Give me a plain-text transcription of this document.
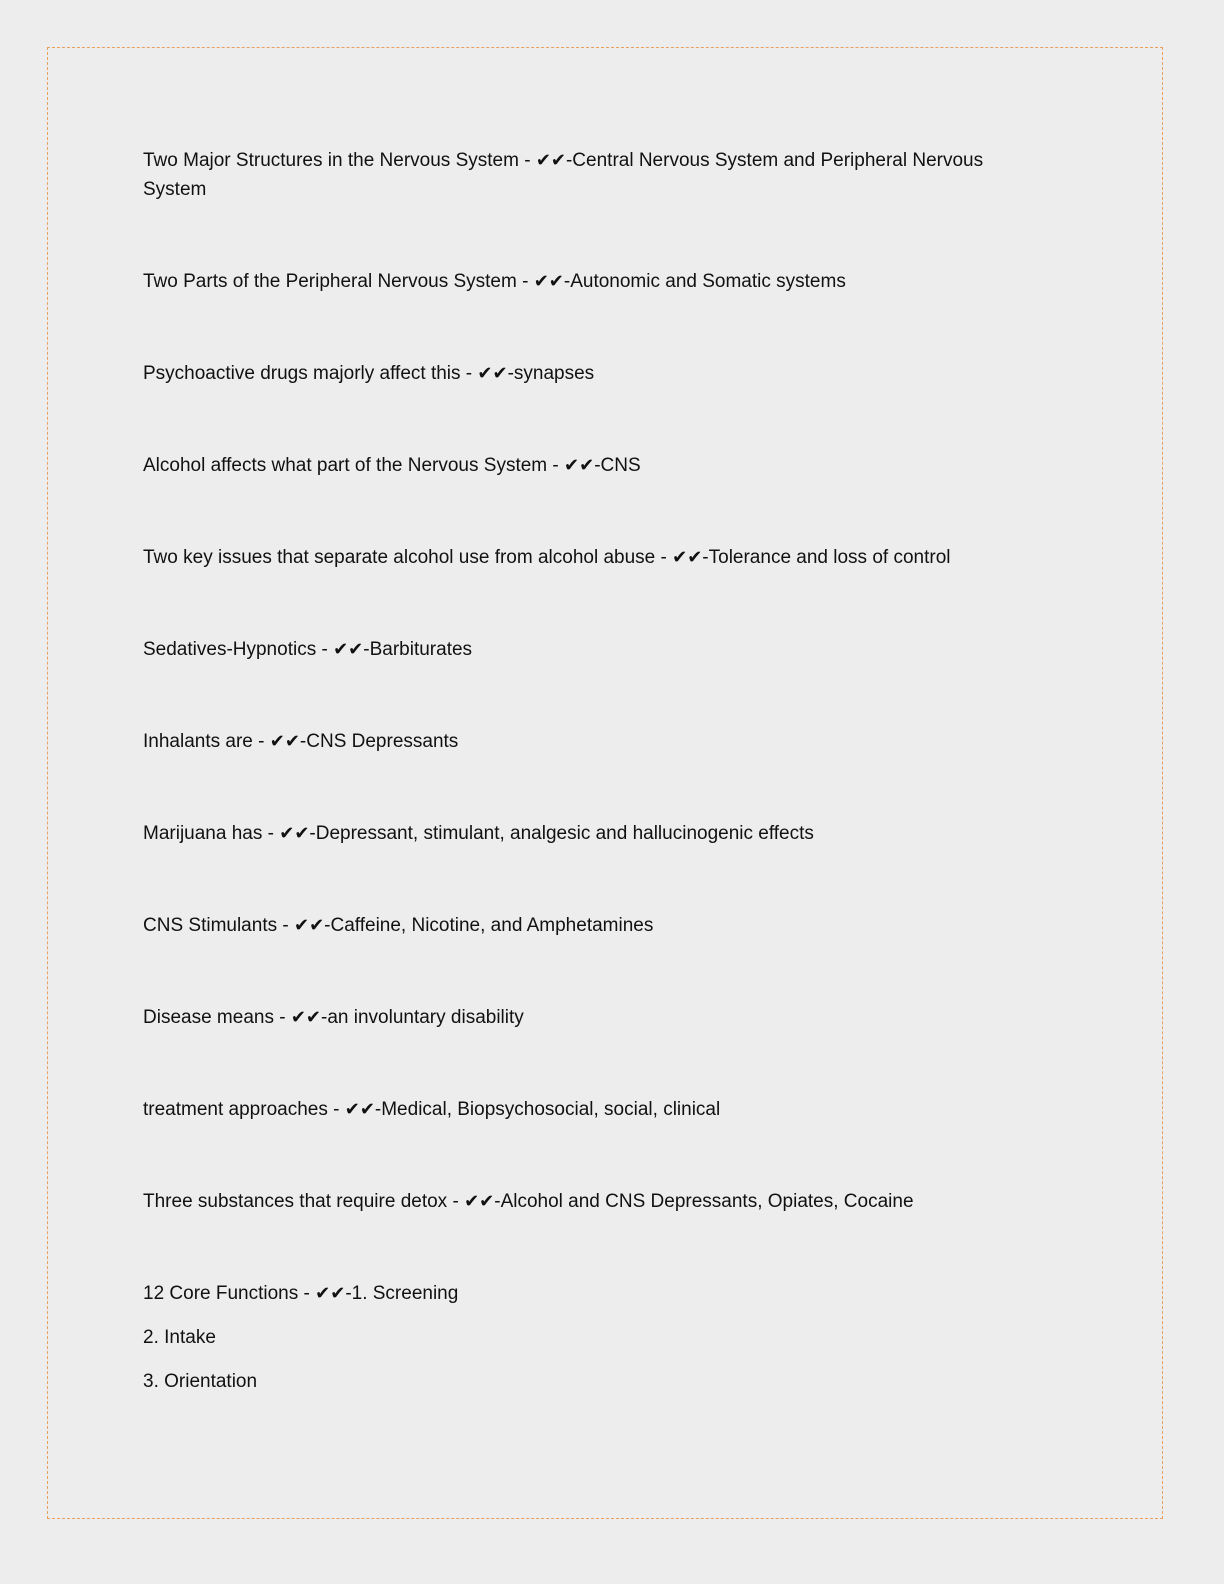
Two Major Structures in the Nervous System - ✔✔-Central Nervous System and Peripheral Nervous System

Two Parts of the Peripheral Nervous System - ✔✔-Autonomic and Somatic systems

Psychoactive drugs majorly affect this - ✔✔-synapses

Alcohol affects what part of the Nervous System - ✔✔-CNS

Two key issues that separate alcohol use from alcohol abuse - ✔✔-Tolerance and loss of control

Sedatives-Hypnotics - ✔✔-Barbiturates

Inhalants are - ✔✔-CNS Depressants

Marijuana has - ✔✔-Depressant, stimulant, analgesic and hallucinogenic effects

CNS Stimulants - ✔✔-Caffeine, Nicotine, and Amphetamines

Disease means - ✔✔-an involuntary disability

treatment approaches - ✔✔-Medical, Biopsychosocial, social, clinical

Three substances that require detox - ✔✔-Alcohol and CNS Depressants, Opiates, Cocaine

12 Core Functions - ✔✔-1. Screening

2. Intake

3. Orientation
